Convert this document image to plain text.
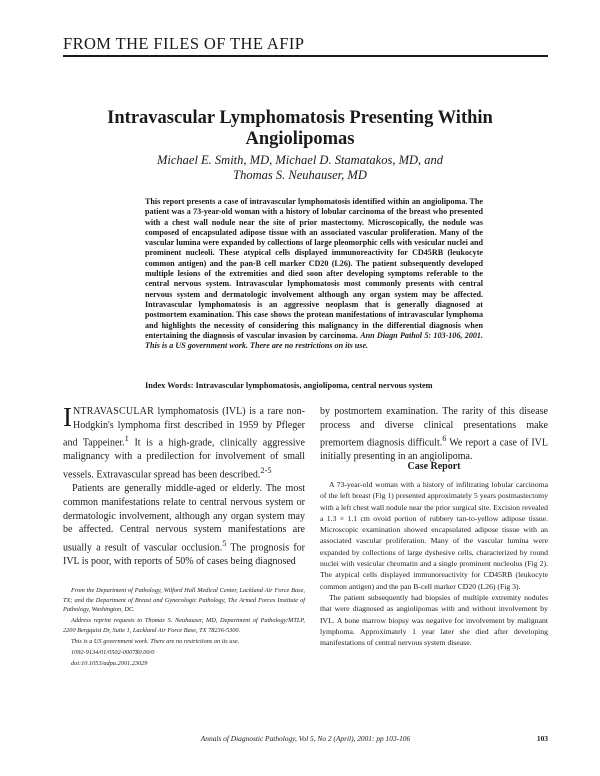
FROM THE FILES OF THE AFIP
Intravascular Lymphomatosis Presenting Within
Angiolipomas
Michael E. Smith, MD, Michael D. Stamatakos, MD, and
Thomas S. Neuhauser, MD
This report presents a case of intravascular lymphomatosis identified within an angiolipoma. The patient was a 73-year-old woman with a history of lobular carcinoma of the breast who presented with a chest wall nodule near the site of prior mastectomy. Microscopically, the nodule was composed of encapsulated adipose tissue with an associated vascular proliferation. Many of the vascular lumina were expanded by collections of large pleomorphic cells with vesicular nuclei and prominent nucleoli. These atypical cells displayed immunoreactivity for CD45RB (leukocyte common antigen) and the pan-B cell marker CD20 (L26). The patient subsequently developed multiple lesions of the extremities and died soon after developing symptoms referable to the central nervous system. Intravascular lymphomatosis most commonly presents with central nervous system and dermatologic involvement although any organ system may be affected. Intravascular lymphomatosis is an aggressive neoplasm that is generally diagnosed at postmortem examination. This case shows the protean manifestations of intravascular lymphoma and highlights the necessity of considering this malignancy in the differential diagnosis when entertaining the diagnosis of vascular invasion by carcinoma. Ann Diagn Pathol 5: 103-106, 2001. This is a US government work. There are no restrictions on its use.
Index Words: Intravascular lymphomatosis, angiolipoma, central nervous system

INTRAVASCULAR lymphomatosis (IVL) is a rare non-Hodgkin's lymphoma first described in 1959 by Pfleger and Tappeiner.$^1$ It is a high-grade, clinically aggressive malignancy with a predilection for involvement of small vessels. Extravascular spread has been described.$^{2-5}$

Patients are generally middle-aged or elderly. The most common manifestations relate to central nervous system or dermatologic involvement, although any organ system may be affected. Central nervous system manifestations are usually a result of vascular occlusion.$^5$ The prognosis for IVL is poor, with reports of 50% of cases being diagnosed

From the Department of Pathology, Wilford Hall Medical Center, Lackland Air Force Base, TX; and the Department of Breast and Gynecologic Pathology, The Armed Forces Institute of Pathology, Washington, DC.

Address reprint requests to Thomas S. Neuhauser, MD, Department of Pathology/MTLP, 2200 Bergquist Dr, Suite 1, Lackland Air Force Base, TX 78236-5300.

This is a US government work. There are no restrictions on its use.

1092-9134/01/0502-0007$0.00/0

doi:10.1053/adpa.2001.23029

by postmortem examination. The rarity of this disease process and diverse clinical presentations make premortem diagnosis difficult.$^6$ We report a case of IVL initially presenting in an angiolipoma.

Case Report

A 73-year-old woman with a history of infiltrating lobular carcinoma of the left breast (Fig 1) presented approximately 5 years postmastectomy with a left chest wall nodule near the prior surgical site. Excision revealed a 1.3 × 1.1 cm ovoid portion of rubbery tan-to-yellow adipose tissue. Microscopic examination showed encapsulated adipose tissue with an associated vascular proliferation. Many of the vascular lumina were expanded by collections of large dyshesive cells, characterized by round nuclei with vesicular chromatin and a single prominent nucleolus (Fig 2). The atypical cells displayed immunoreactivity for CD45RB (leukocyte common antigen) and the pan B-cell marker CD20 (L26) (Fig 3).

The patient subsequently had biopsies of multiple extremity nodules that were diagnosed as angiolipomas with and without involvement by IVL. A bone marrow biopsy was negative for involvement by malignant lymphoma. Approximately 1 year later she died after developing manifestations of central nervous system disease.

Annals of Diagnostic Pathology, Vol 5, No 2 (April), 2001: pp 103-106	103
